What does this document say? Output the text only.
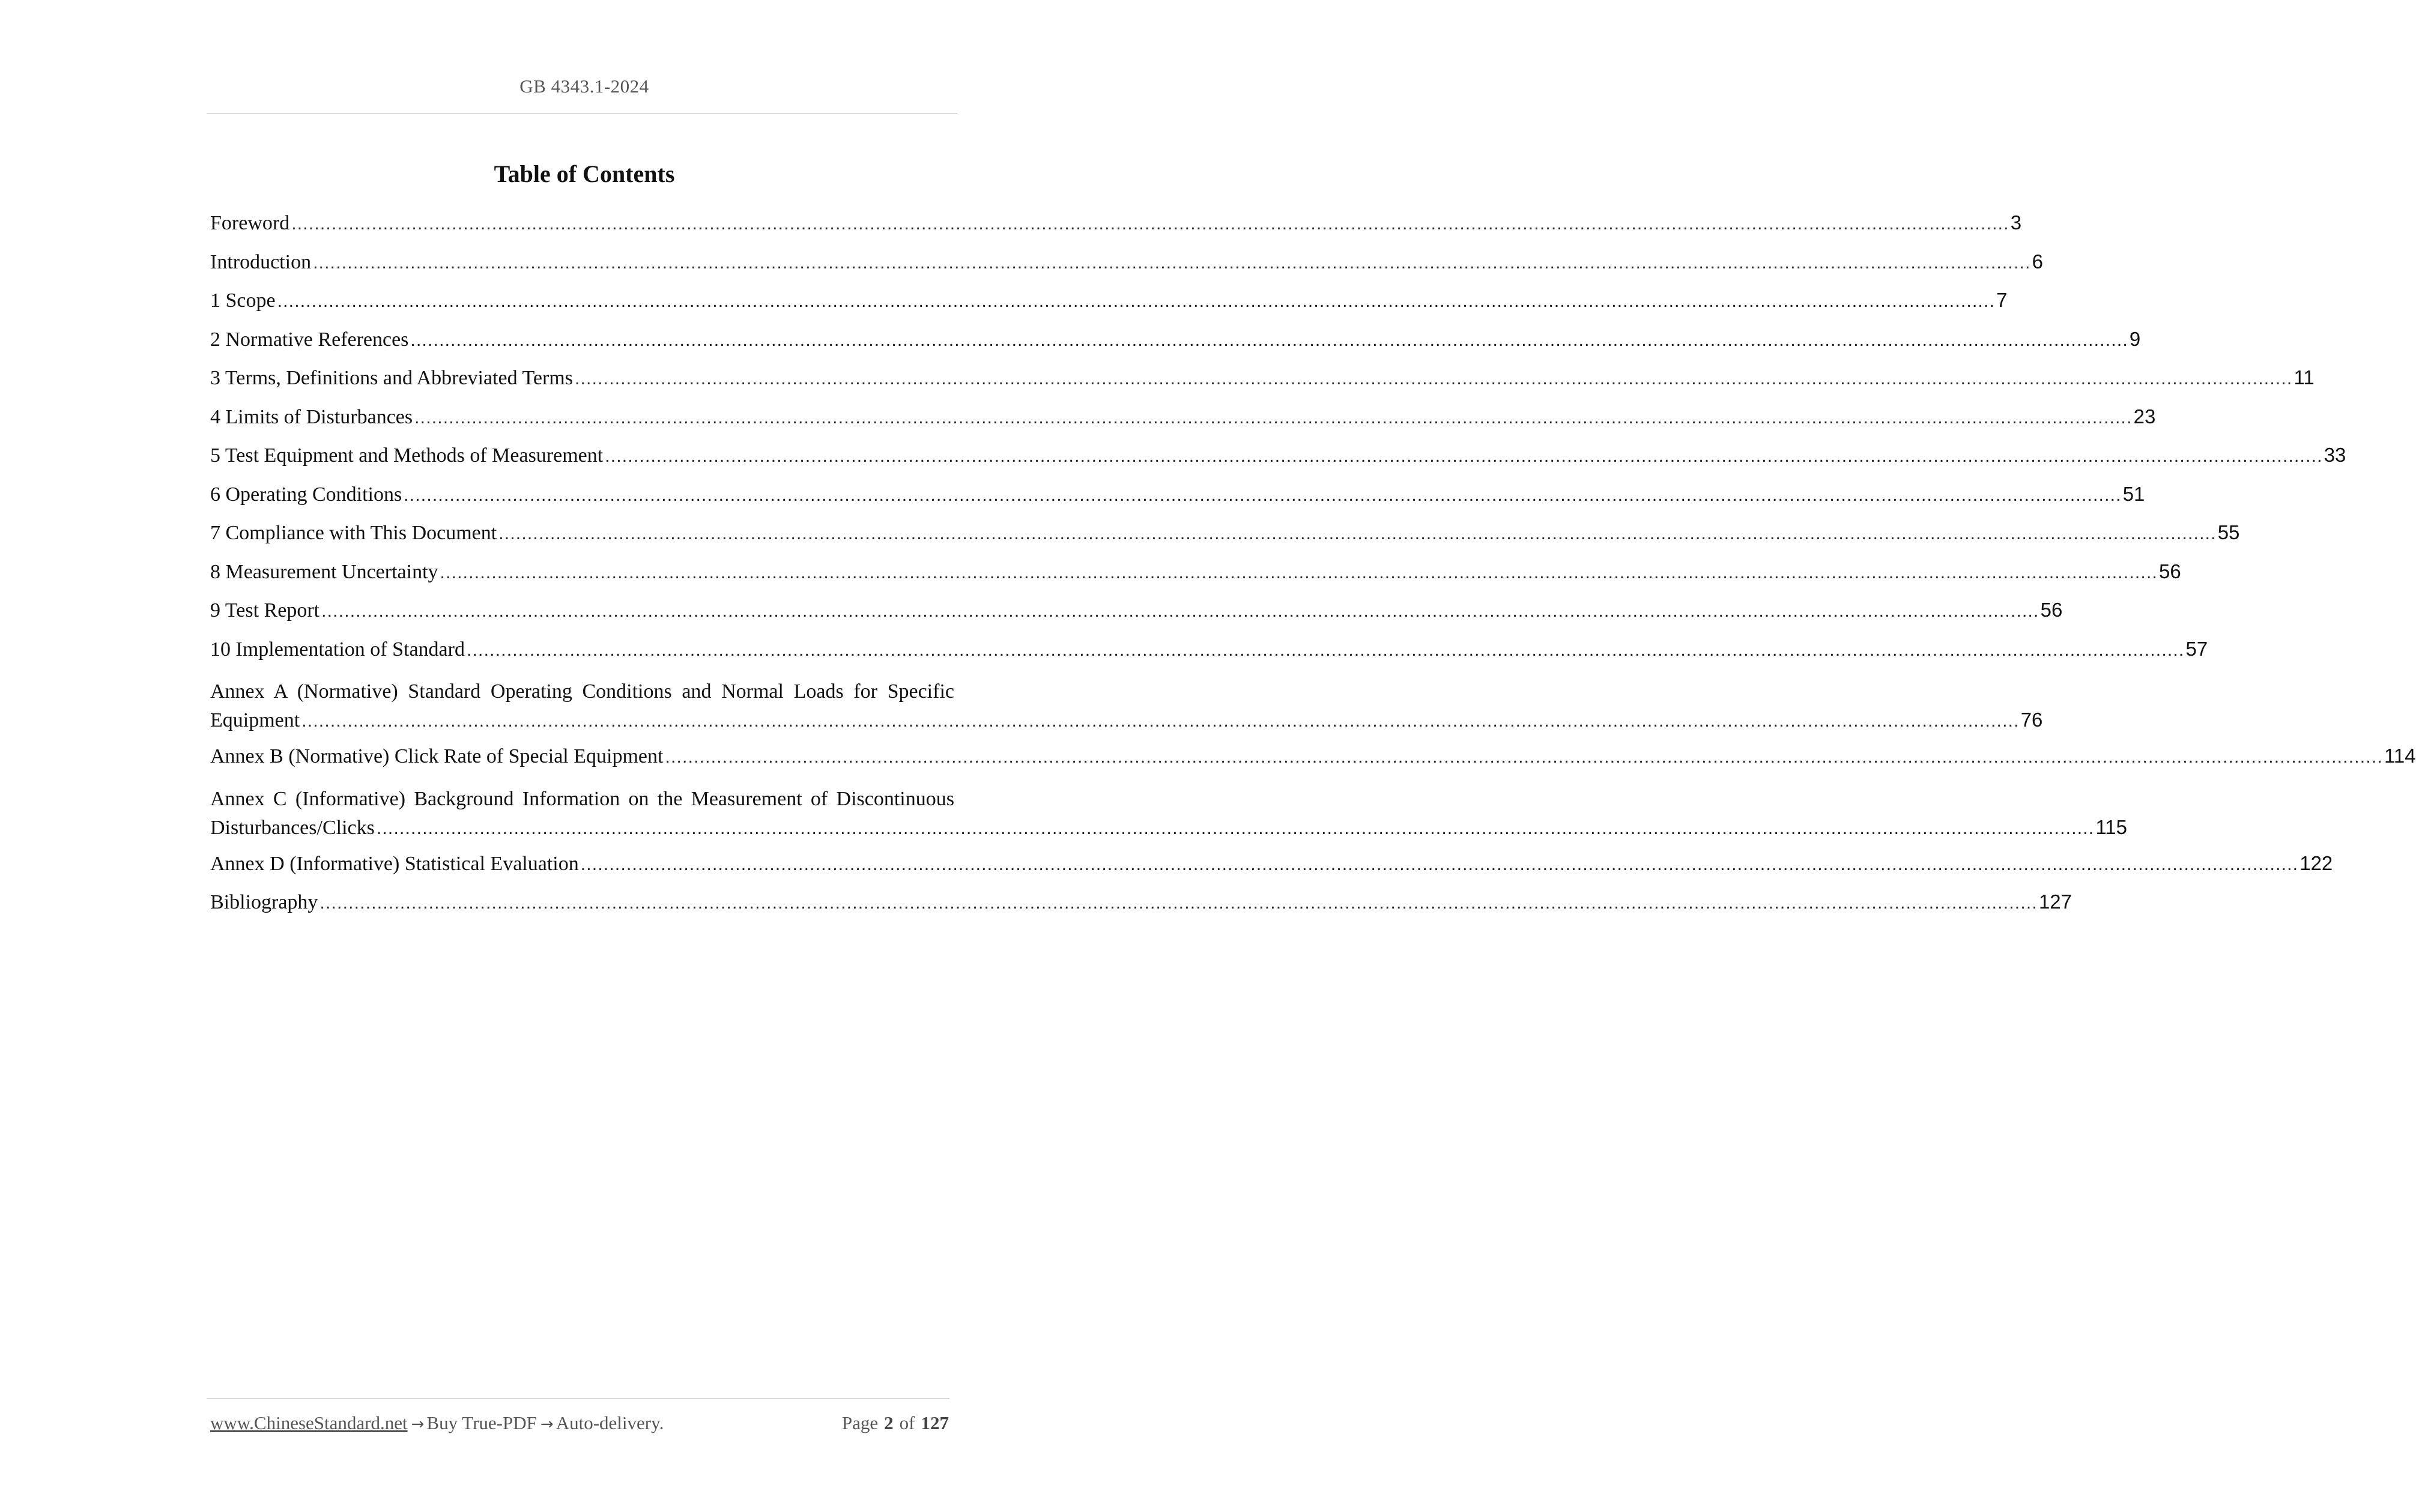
GB 4343.1-2024
Table of Contents
Foreword ............................................................................................................................................................................................................................................................................................................ 3
Introduction ............................................................................................................................................................................................................................................................................................................ 6
1 Scope ............................................................................................................................................................................................................................................................................................................ 7
2 Normative References ............................................................................................................................................................................................................................................................................................................ 9
3 Terms, Definitions and Abbreviated Terms ............................................................................................................................................................................................................................................................................................................ 11
4 Limits of Disturbances ............................................................................................................................................................................................................................................................................................................ 23
5 Test Equipment and Methods of Measurement ............................................................................................................................................................................................................................................................................................................ 33
6 Operating Conditions ............................................................................................................................................................................................................................................................................................................ 51
7 Compliance with This Document ............................................................................................................................................................................................................................................................................................................ 55
8 Measurement Uncertainty ............................................................................................................................................................................................................................................................................................................ 56
9 Test Report ............................................................................................................................................................................................................................................................................................................ 56
10 Implementation of Standard ............................................................................................................................................................................................................................................................................................................ 57
Annex A (Normative) Standard Operating Conditions and Normal Loads for Specific
Equipment ............................................................................................................................................................................................................................................................................................................ 76
Annex B (Normative) Click Rate of Special Equipment ............................................................................................................................................................................................................................................................................................................ 114
Annex C (Informative) Background Information on the Measurement of Discontinuous
Disturbances/Clicks ............................................................................................................................................................................................................................................................................................................ 115
Annex D (Informative) Statistical Evaluation ............................................................................................................................................................................................................................................................................................................ 122
Bibliography ............................................................................................................................................................................................................................................................................................................ 127
www.ChineseStandard.net → Buy True-PDF → Auto-delivery.	Page 2 of 127
